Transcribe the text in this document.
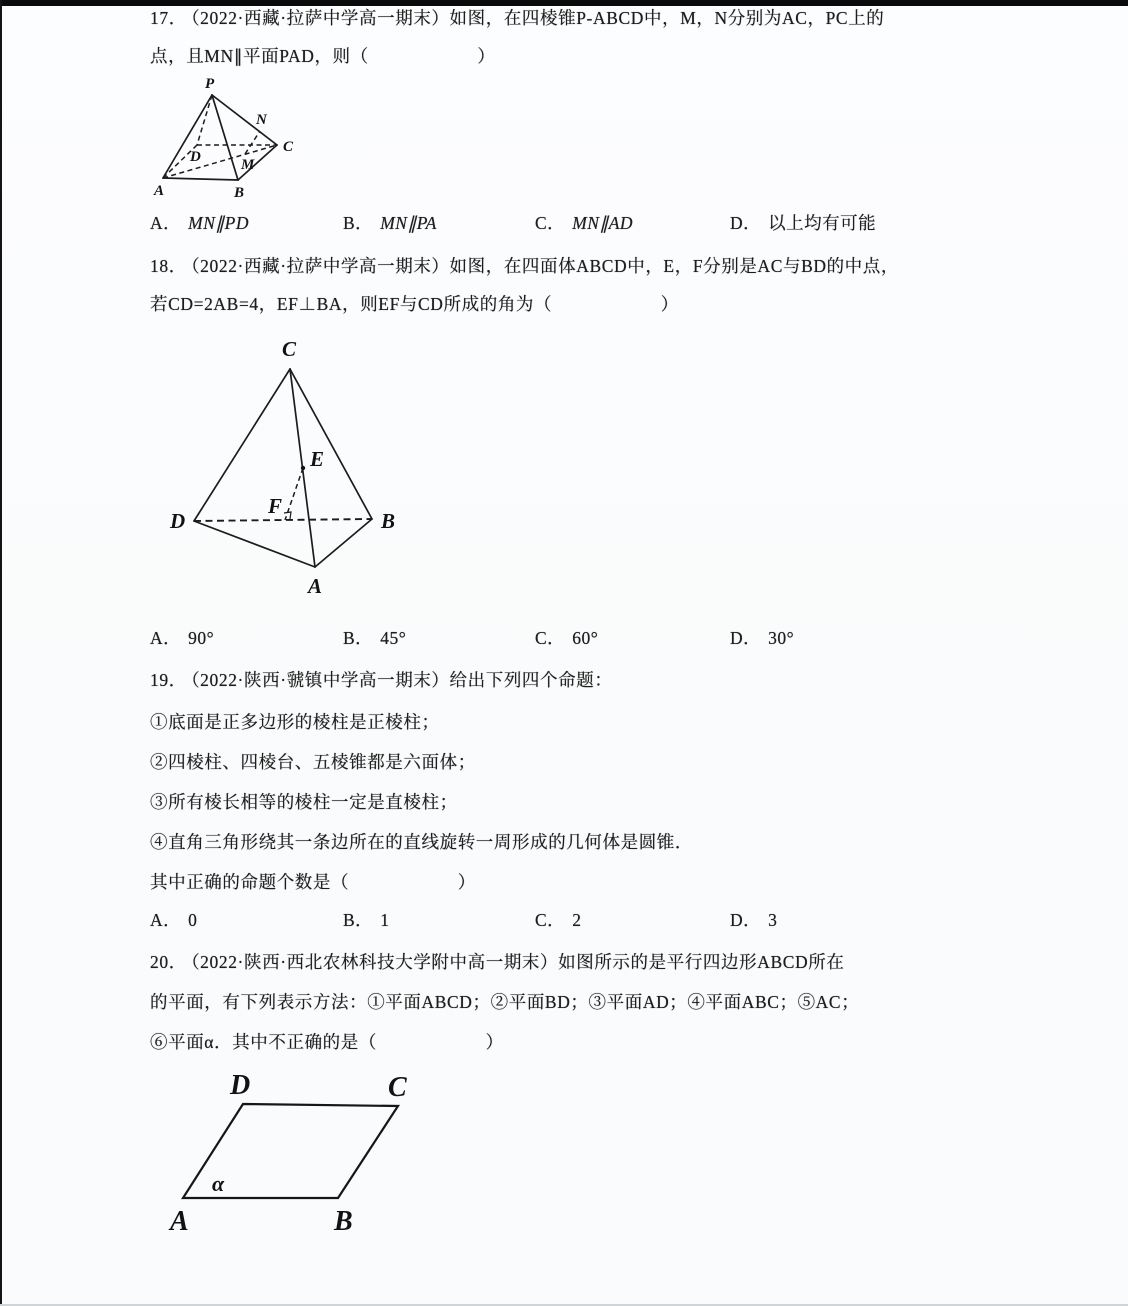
17． （2022·西藏·拉萨中学高一期末）如图，在四棱锥P-ABCD中，M，N分别为AC，PC上的

点，且MN∥平面PAD，则（　　　　　　）

P
N
C
D	M
A	B
A． MN∥PD	B． MN∥PA	C． MN∥AD	D． 以上均有可能

18． （2022·西藏·拉萨中学高一期末）如图，在四面体ABCD中，E，F分别是AC与BD的中点，

若CD=2AB=4，EF⊥BA，则EF与CD所成的角为（　　　　　　）

C
E
F
D	B
A
A． 90°	B． 45°	C． 60°	D． 30°

19． （2022·陕西·虢镇中学高一期末）给出下列四个命题：

①底面是正多边形的棱柱是正棱柱；

②四棱柱、四棱台、五棱锥都是六面体；

③所有棱长相等的棱柱一定是直棱柱；

④直角三角形绕其一条边所在的直线旋转一周形成的几何体是圆锥．

其中正确的命题个数是（　　　　　　）

A． 0	B． 1	C． 2	D． 3

20． （2022·陕西·西北农林科技大学附中高一期末）如图所示的是平行四边形ABCD所在

的平面，有下列表示方法：①平面ABCD；②平面BD；③平面AD；④平面ABC；⑤AC；

⑥平面α．其中不正确的是（　　　　　　）

D	C
α
A	B
